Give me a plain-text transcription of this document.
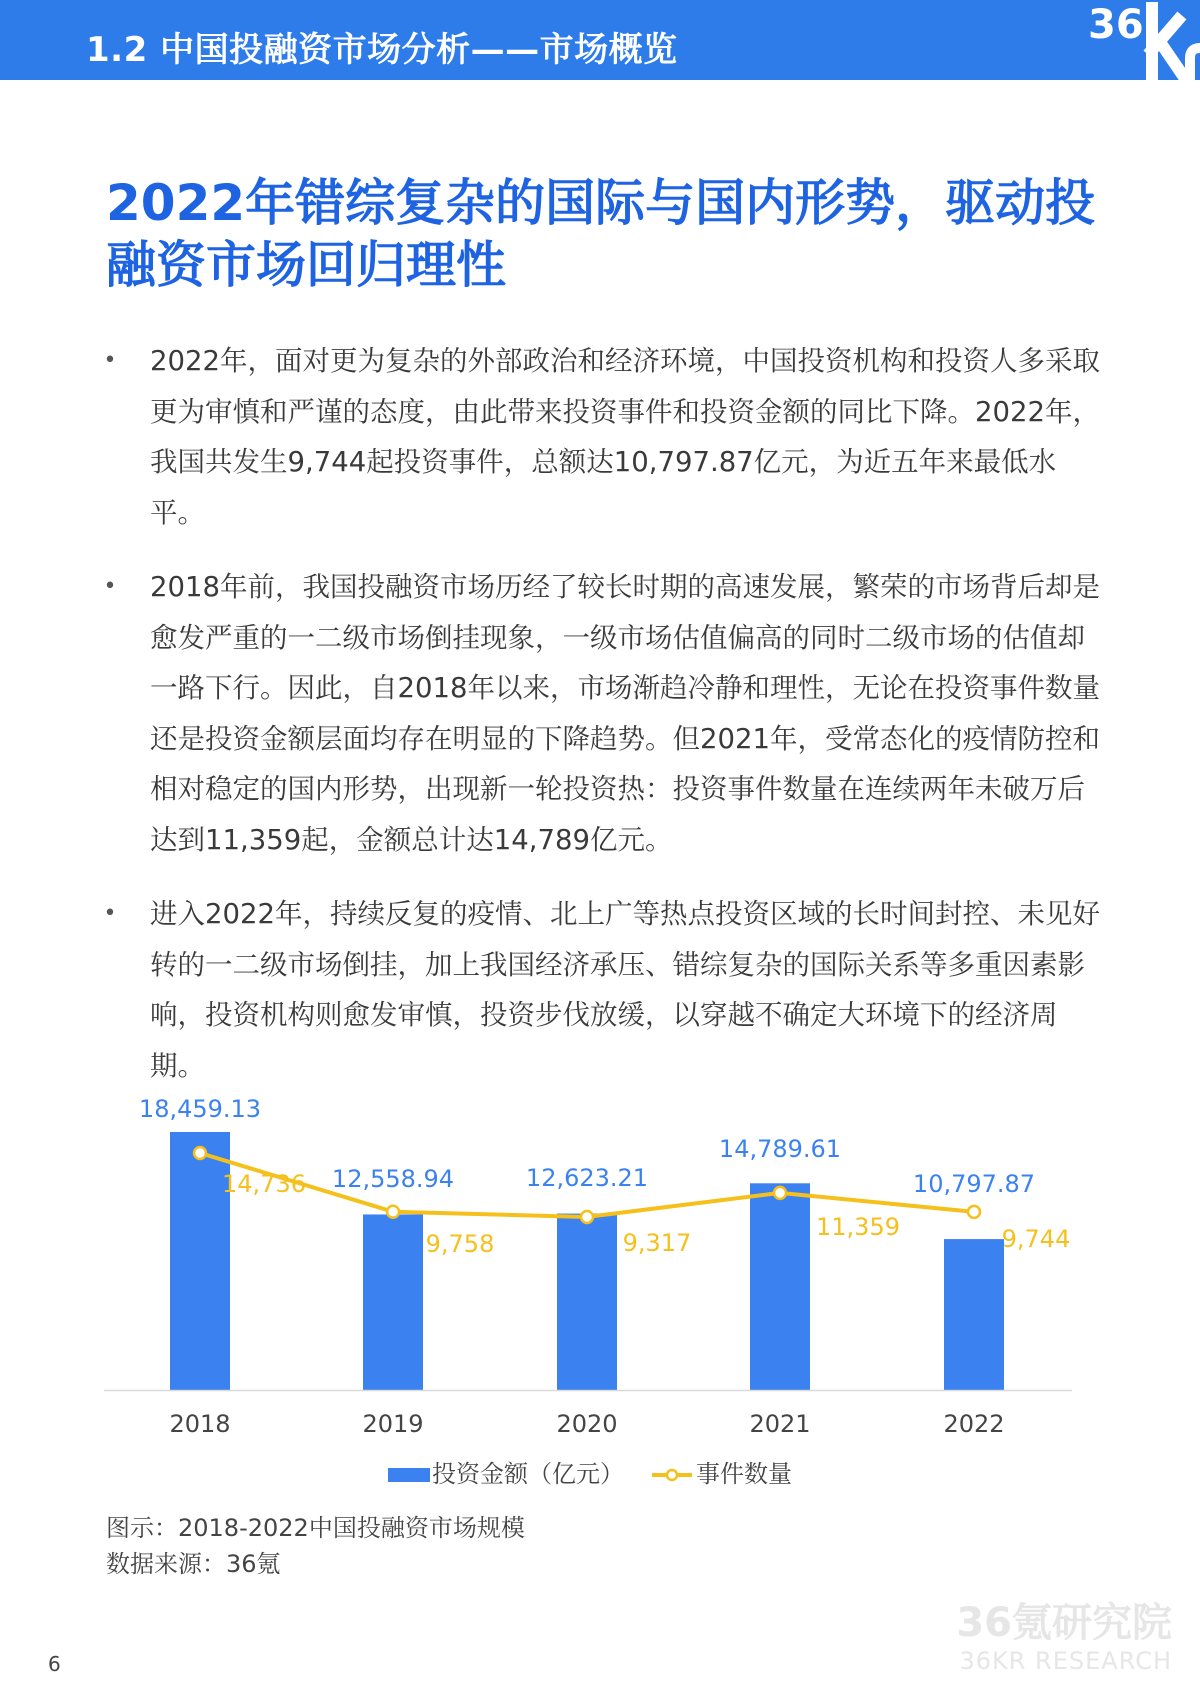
1.2 中国投融资市场分析——市场概览
36
2022年错综复杂的国际与国内形势，驱动投融资市场回归理性
• 2022年，面对更为复杂的外部政治和经济环境，中国投资机构和投资人多采取更为审慎和严谨的态度，由此带来投资事件和投资金额的同比下降。2022年，我国共发生9,744起投资事件，总额达10,797.87亿元，为近五年来最低水平。
• 2018年前，我国投融资市场历经了较长时期的高速发展，繁荣的市场背后却是愈发严重的一二级市场倒挂现象，一级市场估值偏高的同时二级市场的估值却一路下行。因此，自2018年以来，市场渐趋冷静和理性，无论在投资事件数量还是投资金额层面均存在明显的下降趋势。但2021年，受常态化的疫情防控和相对稳定的国内形势，出现新一轮投资热：投资事件数量在连续两年未破万后达到11,359起，金额总计达14,789亿元。
• 进入2022年，持续反复的疫情、北上广等热点投资区域的长时间封控、未见好转的一二级市场倒挂，加上我国经济承压、错综复杂的国际关系等多重因素影响，投资机构则愈发审慎，投资步伐放缓，以穿越不确定大环境下的经济周期。
2018	2019	2020	2021	2022
18,459.13
12,558.94	12,623.21
14,789.61
10,797.87
14,736
9,758	9,317
11,359	9,744
投资金额（亿元）	事件数量
图示：2018-2022中国投融资市场规模
数据来源：36氪
36氪研究院
36KR RESEARCH
6
